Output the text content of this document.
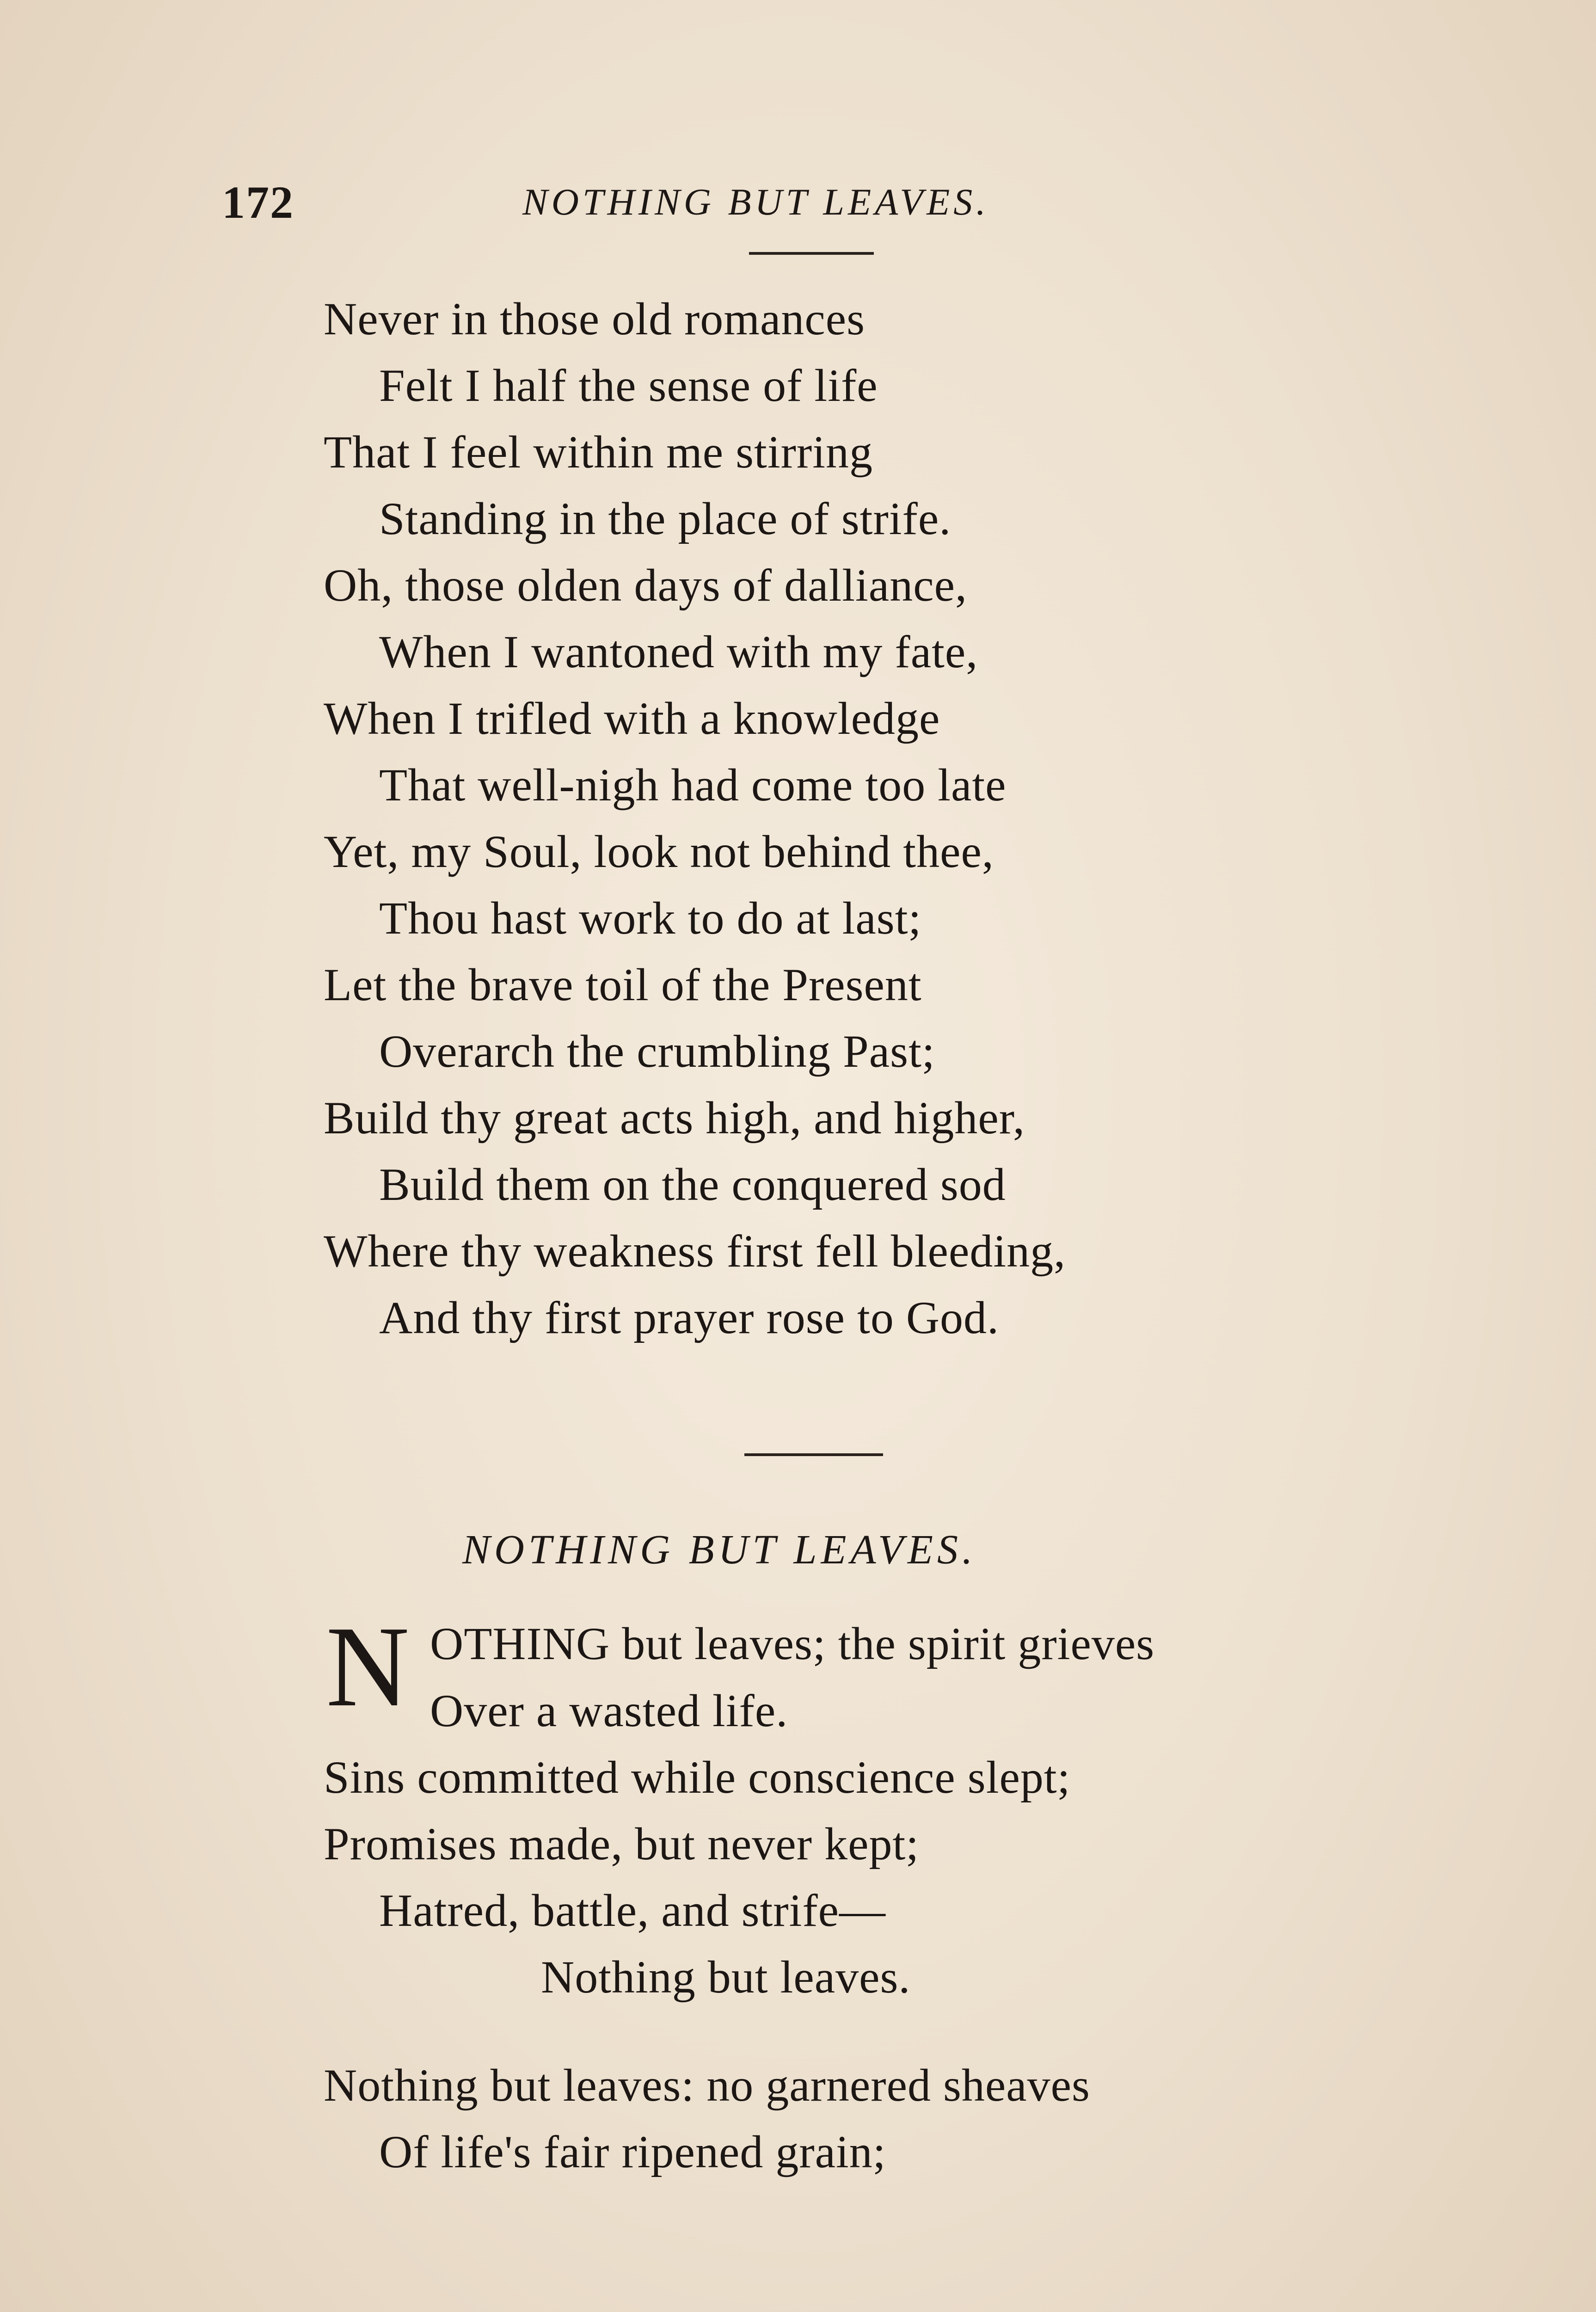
172	NOTHING BUT LEAVES.
Never in those old romances
Felt I half the sense of life
That I feel within me stirring
Standing in the place of strife.
Oh, those olden days of dalliance,
When I wantoned with my fate,
When I trifled with a knowledge
That well-nigh had come too late
Yet, my Soul, look not behind thee,
Thou hast work to do at last;
Let the brave toil of the Present
Overarch the crumbling Past;
Build thy great acts high, and higher,
Build them on the conquered sod
Where thy weakness first fell bleeding,
And thy first prayer rose to God.
NOTHING BUT LEAVES.
N OTHING but leaves; the spirit grieves
Over a wasted life.
Sins committed while conscience slept;
Promises made, but never kept;
Hatred, battle, and strife—
Nothing but leaves.
Nothing but leaves: no garnered sheaves
Of life's fair ripened grain;
